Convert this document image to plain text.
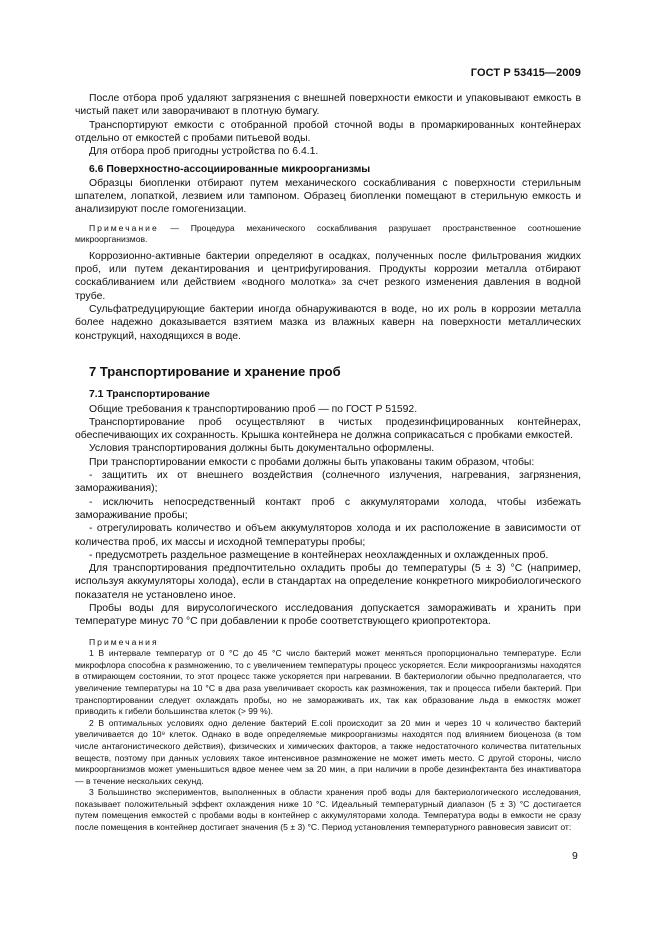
ГОСТ Р 53415—2009

После отбора проб удаляют загрязнения с внешней поверхности емкости и упаковывают емкость в чистый пакет или заворачивают в плотную бумагу.

Транспортируют емкости с отобранной пробой сточной воды в промаркированных контейнерах отдельно от емкостей с пробами питьевой воды.

Для отбора проб пригодны устройства по 6.4.1.

6.6 Поверхностно-ассоциированные микроорганизмы

Образцы биопленки отбирают путем механического соскабливания с поверхности стерильным шпателем, лопаткой, лезвием или тампоном. Образец биопленки помещают в стерильную емкость и анализируют после гомогенизации.

Примечание — Процедура механического соскабливания разрушает пространственное соотношение микроорганизмов.

Коррозионно-активные бактерии определяют в осадках, полученных после фильтрования жидких проб, или путем декантирования и центрифугирования. Продукты коррозии металла отбирают соскабливанием или действием «водного молотка» за счет резкого изменения давления в водной трубе.

Сульфатредуцирующие бактерии иногда обнаруживаются в воде, но их роль в коррозии металла более надежно доказывается взятием мазка из влажных каверн на поверхности металлических конструкций, находящихся в воде.

7 Транспортирование и хранение проб

7.1 Транспортирование

Общие требования к транспортированию проб — по ГОСТ Р 51592.

Транспортирование проб осуществляют в чистых продезинфицированных контейнерах, обеспечивающих их сохранность. Крышка контейнера не должна соприкасаться с пробками емкостей.

Условия транспортирования должны быть документально оформлены.

При транспортировании емкости с пробами должны быть упакованы таким образом, чтобы:

- защитить их от внешнего воздействия (солнечного излучения, нагревания, загрязнения, замораживания);

- исключить непосредственный контакт проб с аккумуляторами холода, чтобы избежать замораживание пробы;

- отрегулировать количество и объем аккумуляторов холода и их расположение в зависимости от количества проб, их массы и исходной температуры пробы;

- предусмотреть раздельное размещение в контейнерах неохлажденных и охлажденных проб.

Для транспортирования предпочтительно охладить пробы до температуры (5 ± 3) °С (например, используя аккумуляторы холода), если в стандартах на определение конкретного микробиологического показателя не установлено иное.

Пробы воды для вирусологического исследования допускается замораживать и хранить при температуре минус 70 °С при добавлении к пробе соответствующего криопротектора.

Примечания

1 В интервале температур от 0 °С до 45 °С число бактерий может меняться пропорционально температуре. Если микрофлора способна к размножению, то с увеличением температуры процесс ускоряется. Если микроорганизмы находятся в отмирающем состоянии, то этот процесс также ускоряется при нагревании. В бактериологии обычно предполагается, что увеличение температуры на 10 °С в два раза увеличивает скорость как размножения, так и процесса гибели бактерий. При транспортировании следует охлаждать пробы, но не замораживать их, так как образование льда в емкостях может приводить к гибели большинства клеток (> 99 %).

2 В оптимальных условиях одно деление бактерий E.coli происходит за 20 мин и через 10 ч количество бактерий увеличивается до 10⁹ клеток. Однако в воде определяемые микроорганизмы находятся под влиянием биоценоза (в том числе антагонистического действия), физических и химических факторов, а также недостаточного количества питательных веществ, поэтому при данных условиях такое интенсивное размножение не может иметь место. С другой стороны, число микроорганизмов может уменьшиться вдвое менее чем за 20 мин, а при наличии в пробе дезинфектанта без инактиватора — в течение нескольких секунд.

3 Большинство экспериментов, выполненных в области хранения проб воды для бактериологического исследования, показывает положительный эффект охлаждения ниже 10 °С. Идеальный температурный диапазон (5 ± 3) °С достигается путем помещения емкостей с пробами воды в контейнер с аккумуляторами холода. Температура воды в емкости не сразу после помещения в контейнер достигает значения (5 ± 3) °С. Период установления температурного равновесия зависит от:

9
